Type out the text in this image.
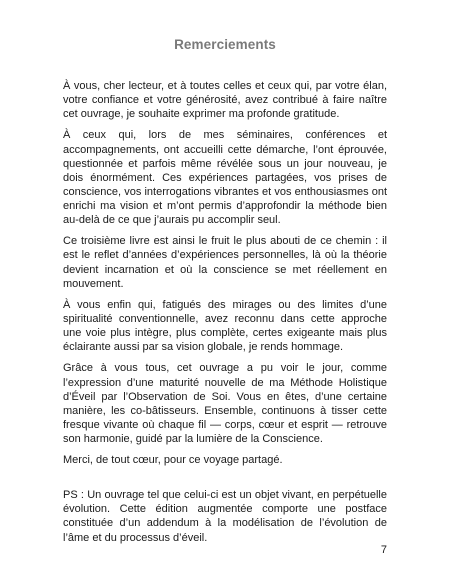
Remerciements

À vous, cher lecteur, et à toutes celles et ceux qui, par votre élan, votre confiance et votre générosité, avez contribué à faire naître cet ouvrage, je souhaite exprimer ma profonde gratitude.

À ceux qui, lors de mes séminaires, conférences et accompagnements, ont accueilli cette démarche, l’ont éprouvée, questionnée et parfois même révélée sous un jour nouveau, je dois énormément. Ces expériences partagées, vos prises de conscience, vos interrogations vibrantes et vos enthousiasmes ont enrichi ma vision et m’ont permis d’approfondir la méthode bien au-delà de ce que j’aurais pu accomplir seul.

Ce troisième livre est ainsi le fruit le plus abouti de ce chemin : il est le reflet d’années d’expériences personnelles, là où la théorie devient incarnation et où la conscience se met réellement en mouvement.

À vous enfin qui, fatigués des mirages ou des limites d’une spiritualité conventionnelle, avez reconnu dans cette approche une voie plus intègre, plus complète, certes exigeante mais plus éclairante aussi par sa vision globale, je rends hommage.

Grâce à vous tous, cet ouvrage a pu voir le jour, comme l’expression d’une maturité nouvelle de ma Méthode Holistique d’Éveil par l’Observation de Soi. Vous en êtes, d’une certaine manière, les co-bâtisseurs. Ensemble, continuons à tisser cette fresque vivante où chaque fil — corps, cœur et esprit — retrouve son harmonie, guidé par la lumière de la Conscience.

Merci, de tout cœur, pour ce voyage partagé.

PS : Un ouvrage tel que celui-ci est un objet vivant, en perpétuelle évolution. Cette édition augmentée comporte une postface constituée d’un addendum à la modélisation de l’évolution de l’âme et du processus d’éveil.

7
